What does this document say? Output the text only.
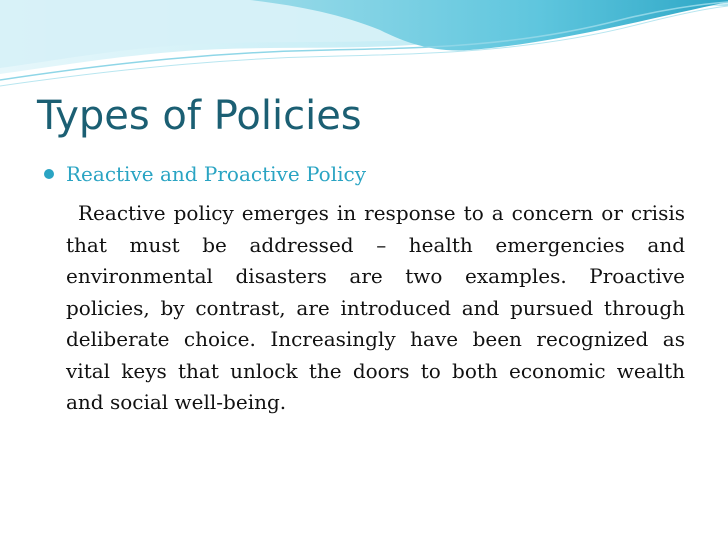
Types of Policies
Reactive and Proactive Policy

Reactive policy emerges in response to a concern or crisis that must be addressed – health emergencies and environmental disasters are two examples. Proactive policies, by contrast, are introduced and pursued through deliberate choice. Increasingly have been recognized as vital keys that unlock the doors to both economic wealth and social well-being.
